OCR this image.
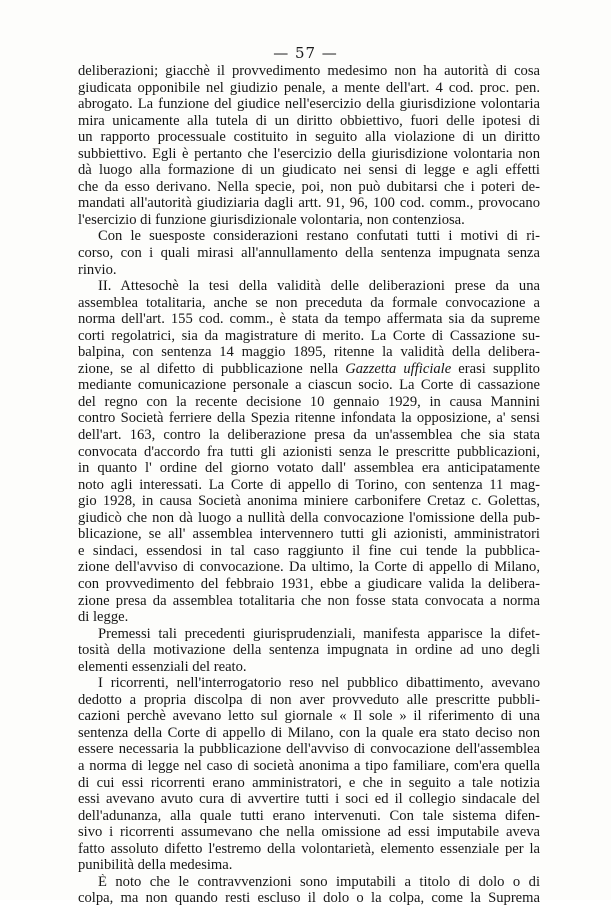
— 57 —
deliberazioni; giacchè il provvedimento medesimo non ha autorità di cosa
giudicata opponibile nel giudizio penale, a mente dell'art. 4 cod. proc. pen.
abrogato. La funzione del giudice nell'esercizio della giurisdizione volontaria
mira unicamente alla tutela di un diritto obbiettivo, fuori delle ipotesi di
un rapporto processuale costituito in seguito alla violazione di un diritto
subbiettivo. Egli è pertanto che l'esercizio della giurisdizione volontaria non
dà luogo alla formazione di un giudicato nei sensi di legge e agli effetti
che da esso derivano. Nella specie, poi, non può dubitarsi che i poteri de-
mandati all'autorità giudiziaria dagli artt. 91, 96, 100 cod. comm., provocano
l'esercizio di funzione giurisdizionale volontaria, non contenziosa.
Con le suesposte considerazioni restano confutati tutti i motivi di ri-
corso, con i quali mirasi all'annullamento della sentenza impugnata senza
rinvio.
II. Attesochè la tesi della validità delle deliberazioni prese da una
assemblea totalitaria, anche se non preceduta da formale convocazione a
norma dell'art. 155 cod. comm., è stata da tempo affermata sia da supreme
corti regolatrici, sia da magistrature di merito. La Corte di Cassazione su-
balpina, con sentenza 14 maggio 1895, ritenne la validità della delibera-
zione, se al difetto di pubblicazione nella Gazzetta ufficiale erasi supplito
mediante comunicazione personale a ciascun socio. La Corte di cassazione
del regno con la recente decisione 10 gennaio 1929, in causa Mannini
contro Società ferriere della Spezia ritenne infondata la opposizione, a' sensi
dell'art. 163, contro la deliberazione presa da un'assemblea che sia stata
convocata d'accordo fra tutti gli azionisti senza le prescritte pubblicazioni,
in quanto l' ordine del giorno votato dall' assemblea era anticipatamente
noto agli interessati. La Corte di appello di Torino, con sentenza 11 mag-
gio 1928, in causa Società anonima miniere carbonifere Cretaz c. Golettas,
giudicò che non dà luogo a nullità della convocazione l'omissione della pub-
blicazione, se all' assemblea intervennero tutti gli azionisti, amministratori
e sindaci, essendosi in tal caso raggiunto il fine cui tende la pubblica-
zione dell'avviso di convocazione. Da ultimo, la Corte di appello di Milano,
con provvedimento del febbraio 1931, ebbe a giudicare valida la delibera-
zione presa da assemblea totalitaria che non fosse stata convocata a norma
di legge.
Premessi tali precedenti giurisprudenziali, manifesta apparisce la difet-
tosità della motivazione della sentenza impugnata in ordine ad uno degli
elementi essenziali del reato.
I ricorrenti, nell'interrogatorio reso nel pubblico dibattimento, avevano
dedotto a propria discolpa di non aver provveduto alle prescritte pubbli-
cazioni perchè avevano letto sul giornale « Il sole » il riferimento di una
sentenza della Corte di appello di Milano, con la quale era stato deciso non
essere necessaria la pubblicazione dell'avviso di convocazione dell'assemblea
a norma di legge nel caso di società anonima a tipo familiare, com'era quella
di cui essi ricorrenti erano amministratori, e che in seguito a tale notizia
essi avevano avuto cura di avvertire tutti i soci ed il collegio sindacale del
dell'adunanza, alla quale tutti erano intervenuti. Con tale sistema difen-
sivo i ricorrenti assumevano che nella omissione ad essi imputabile aveva
fatto assoluto difetto l'estremo della volontarietà, elemento essenziale per la
punibilità della medesima.
È noto che le contravvenzioni sono imputabili a titolo di dolo o di
colpa, ma non quando resti escluso il dolo o la colpa, come la Suprema
